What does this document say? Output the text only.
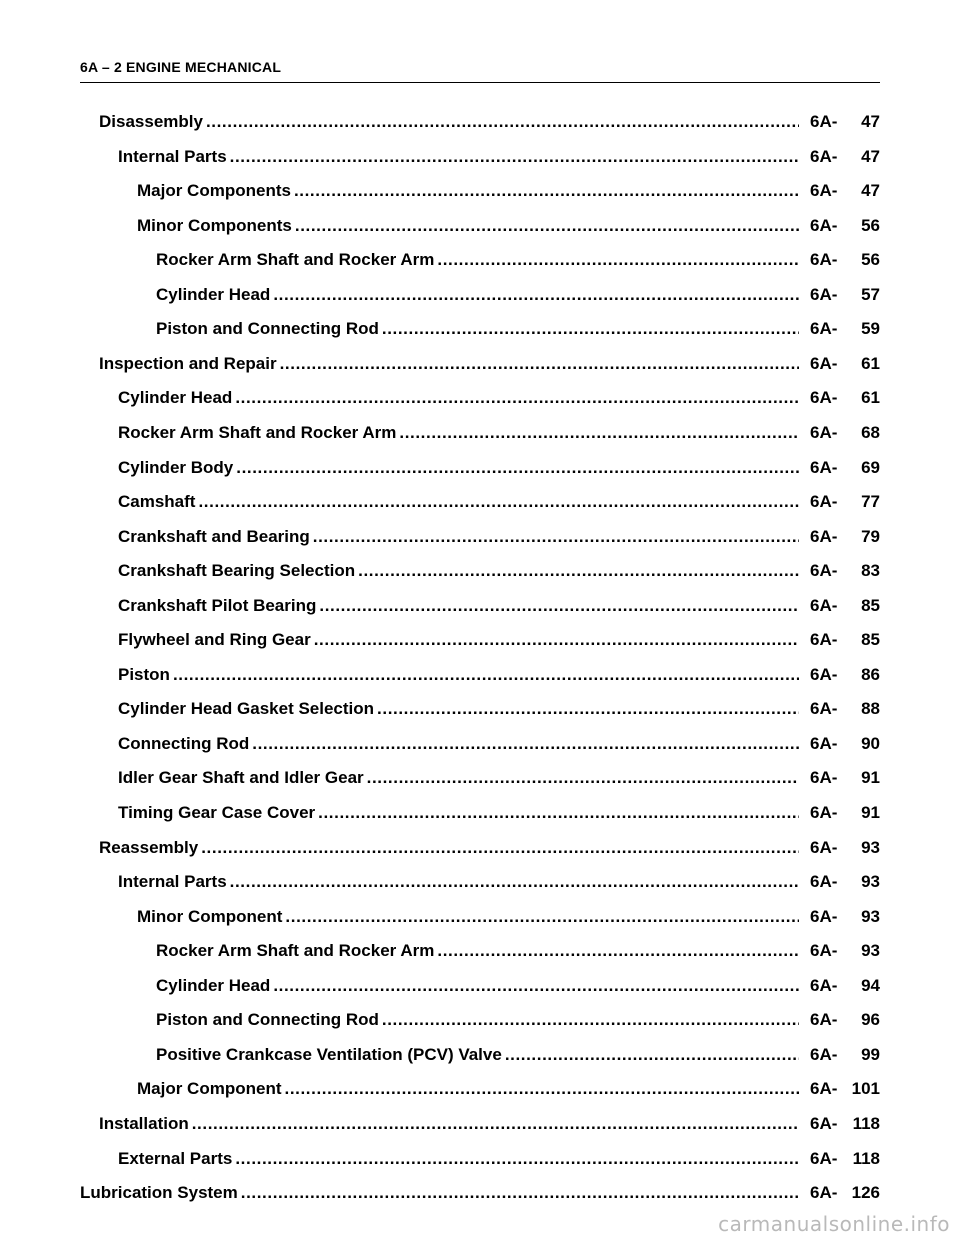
6A – 2 ENGINE MECHANICAL
Disassembly .....	6A-	47
Internal Parts .....	6A-	47
Major Components .....	6A-	47
Minor Components .....	6A-	56
Rocker Arm Shaft and Rocker Arm .....	6A-	56
Cylinder Head .....	6A-	57
Piston and Connecting Rod .....	6A-	59
Inspection and Repair .....	6A-	61
Cylinder Head .....	6A-	61
Rocker Arm Shaft and Rocker Arm .....	6A-	68
Cylinder Body .....	6A-	69
Camshaft .....	6A-	77
Crankshaft and Bearing .....	6A-	79
Crankshaft Bearing Selection .....	6A-	83
Crankshaft Pilot Bearing .....	6A-	85
Flywheel and Ring Gear .....	6A-	85
Piston .....	6A-	86
Cylinder Head Gasket Selection .....	6A-	88
Connecting Rod .....	6A-	90
Idler Gear Shaft and Idler Gear .....	6A-	91
Timing Gear Case Cover .....	6A-	91
Reassembly .....	6A-	93
Internal Parts .....	6A-	93
Minor Component .....	6A-	93
Rocker Arm Shaft and Rocker Arm .....	6A-	93
Cylinder Head .....	6A-	94
Piston and Connecting Rod .....	6A-	96
Positive Crankcase Ventilation (PCV) Valve .....	6A-	99
Major Component .....	6A- 101
Installation .....	6A- 118
External Parts .....	6A- 118
Lubrication System .....	6A- 126
carmanualsonline.info
